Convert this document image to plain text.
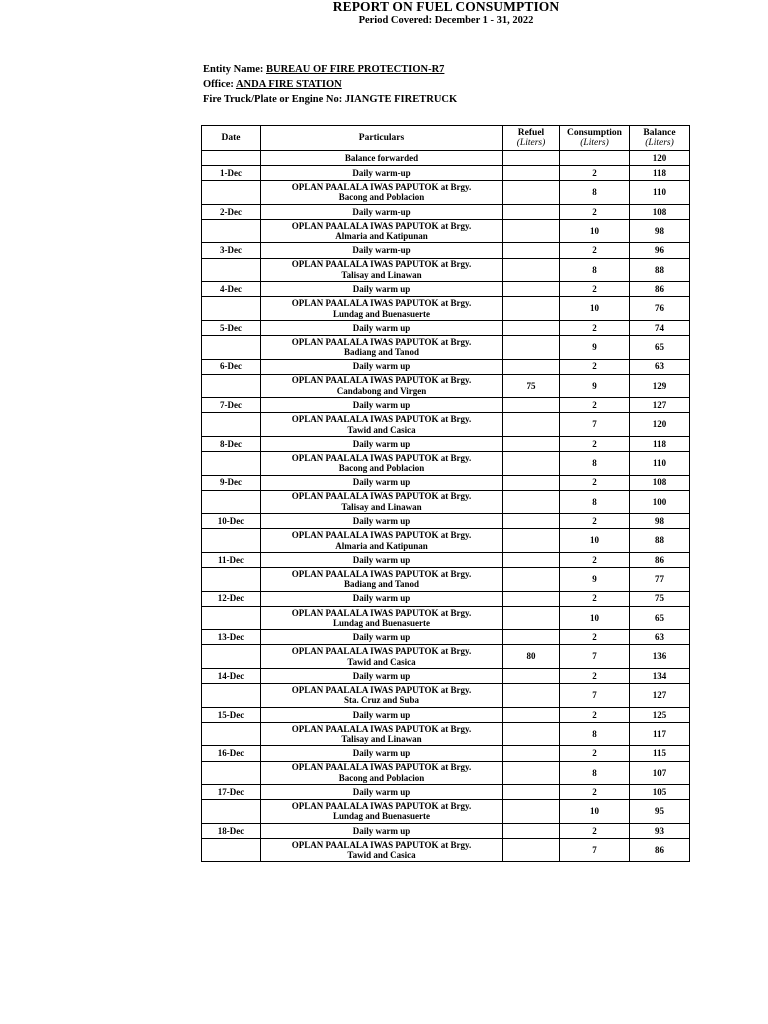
REPORT ON FUEL CONSUMPTION
Period Covered: December 1 - 31, 2022
Entity Name: BUREAU OF FIRE PROTECTION-R7
Office: ANDA FIRE STATION
Fire Truck/Plate or Engine No: JIANGTE FIRETRUCK
Date	Particulars	Refuel
(Liters)	Consumption
(Liters)	Balance
(Liters)

	Balance forwarded			120
1-Dec	Daily warm-up		2	118

	OPLAN PAALALA IWAS PAPUTOK at Brgy.
Bacong and Poblacion		8	110
2-Dec	Daily warm-up		2	108

	OPLAN PAALALA IWAS PAPUTOK at Brgy.
Almaria and Katipunan		10	98
3-Dec	Daily warm-up		2	96

	OPLAN PAALALA IWAS PAPUTOK at Brgy.
Talisay and Linawan		8	88
4-Dec	Daily warm up		2	86

	OPLAN PAALALA IWAS PAPUTOK at Brgy.
Lundag and Buenasuerte		10	76
5-Dec	Daily warm up		2	74

	OPLAN PAALALA IWAS PAPUTOK at Brgy.
Badiang and Tanod		9	65
6-Dec	Daily warm up		2	63

	OPLAN PAALALA IWAS PAPUTOK at Brgy.
Candabong and Virgen	75	9	129
7-Dec	Daily warm up		2	127

	OPLAN PAALALA IWAS PAPUTOK at Brgy.
Tawid and Casica		7	120
8-Dec	Daily warm up		2	118

	OPLAN PAALALA IWAS PAPUTOK at Brgy.
Bacong and Poblacion		8	110
9-Dec	Daily warm up		2	108

	OPLAN PAALALA IWAS PAPUTOK at Brgy.
Talisay and Linawan		8	100
10-Dec	Daily warm up		2	98

	OPLAN PAALALA IWAS PAPUTOK at Brgy.
Almaria and Katipunan		10	88
11-Dec	Daily warm up		2	86

	OPLAN PAALALA IWAS PAPUTOK at Brgy.
Badiang and Tanod		9	77
12-Dec	Daily warm up		2	75

	OPLAN PAALALA IWAS PAPUTOK at Brgy.
Lundag and Buenasuerte		10	65
13-Dec	Daily warm up		2	63

	OPLAN PAALALA IWAS PAPUTOK at Brgy.
Tawid and Casica	80	7	136
14-Dec	Daily warm up		2	134

	OPLAN PAALALA IWAS PAPUTOK at Brgy.
Sta. Cruz and Suba		7	127
15-Dec	Daily warm up		2	125

	OPLAN PAALALA IWAS PAPUTOK at Brgy.
Talisay and Linawan		8	117
16-Dec	Daily warm up		2	115

	OPLAN PAALALA IWAS PAPUTOK at Brgy.
Bacong and Poblacion		8	107
17-Dec	Daily warm up		2	105

	OPLAN PAALALA IWAS PAPUTOK at Brgy.
Lundag and Buenasuerte		10	95
18-Dec	Daily warm up		2	93

	OPLAN PAALALA IWAS PAPUTOK at Brgy.
Tawid and Casica		7	86
